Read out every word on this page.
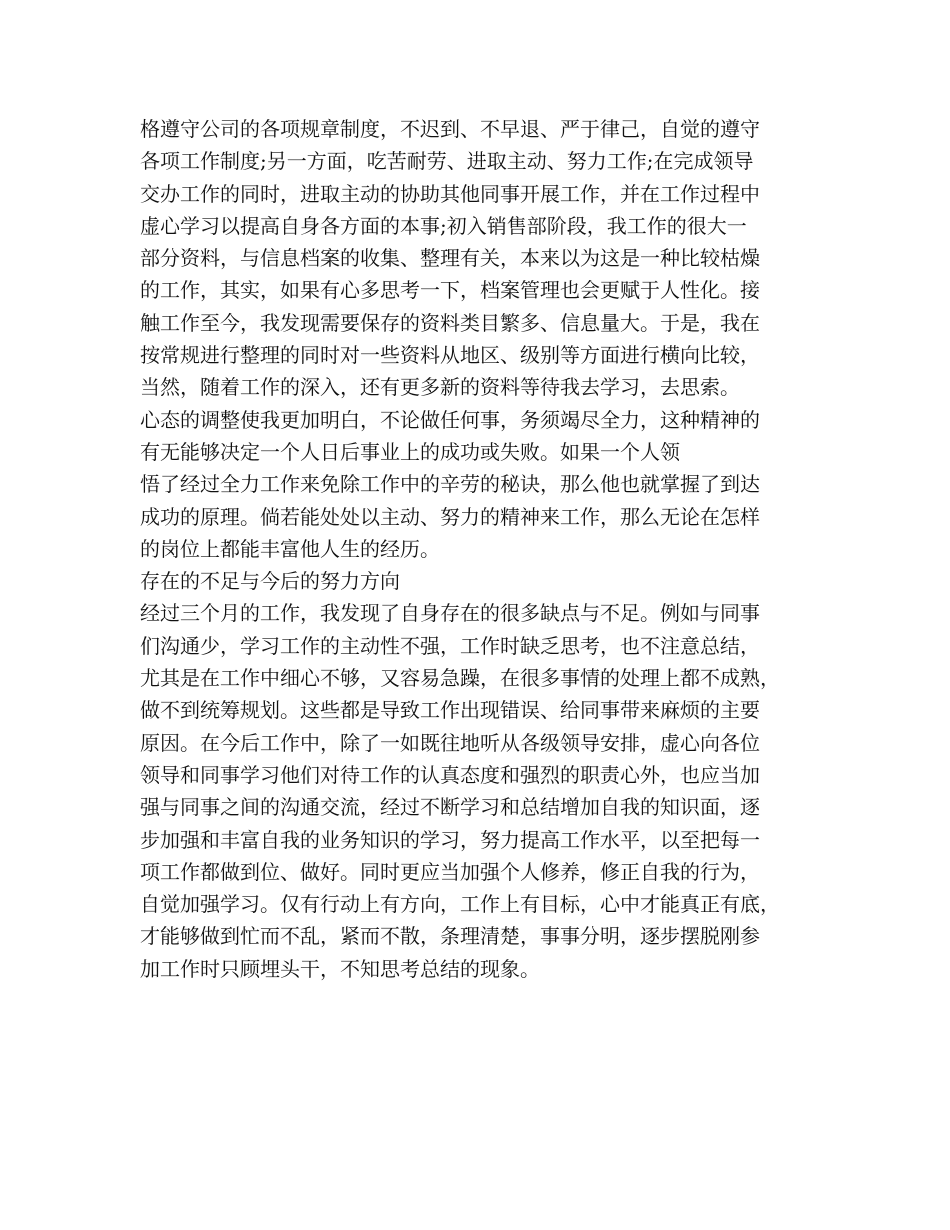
格遵守公司的各项规章制度，不迟到、不早退、严于律己，自觉的遵守
各项工作制度;另一方面，吃苦耐劳、进取主动、努力工作;在完成领导
交办工作的同时，进取主动的协助其他同事开展工作，并在工作过程中
虚心学习以提高自身各方面的本事;初入销售部阶段，我工作的很大一
部分资料，与信息档案的收集、整理有关，本来以为这是一种比较枯燥
的工作，其实，如果有心多思考一下，档案管理也会更赋于人性化。接
触工作至今，我发现需要保存的资料类目繁多、信息量大。于是，我在
按常规进行整理的同时对一些资料从地区、级别等方面进行横向比较，
当然，随着工作的深入，还有更多新的资料等待我去学习，去思索。
心态的调整使我更加明白，不论做任何事，务须竭尽全力，这种精神的
有无能够决定一个人日后事业上的成功或失败。如果一个人领
悟了经过全力工作来免除工作中的辛劳的秘诀，那么他也就掌握了到达
成功的原理。倘若能处处以主动、努力的精神来工作，那么无论在怎样
的岗位上都能丰富他人生的经历。
存在的不足与今后的努力方向
经过三个月的工作，我发现了自身存在的很多缺点与不足。例如与同事
们沟通少，学习工作的主动性不强，工作时缺乏思考，也不注意总结，
尤其是在工作中细心不够，又容易急躁，在很多事情的处理上都不成熟，
做不到统筹规划。这些都是导致工作出现错误、给同事带来麻烦的主要
原因。在今后工作中，除了一如既往地听从各级领导安排，虚心向各位
领导和同事学习他们对待工作的认真态度和强烈的职责心外，也应当加
强与同事之间的沟通交流，经过不断学习和总结增加自我的知识面，逐
步加强和丰富自我的业务知识的学习，努力提高工作水平，以至把每一
项工作都做到位、做好。同时更应当加强个人修养，修正自我的行为，
自觉加强学习。仅有行动上有方向，工作上有目标，心中才能真正有底，
才能够做到忙而不乱，紧而不散，条理清楚，事事分明，逐步摆脱刚参
加工作时只顾埋头干，不知思考总结的现象。
